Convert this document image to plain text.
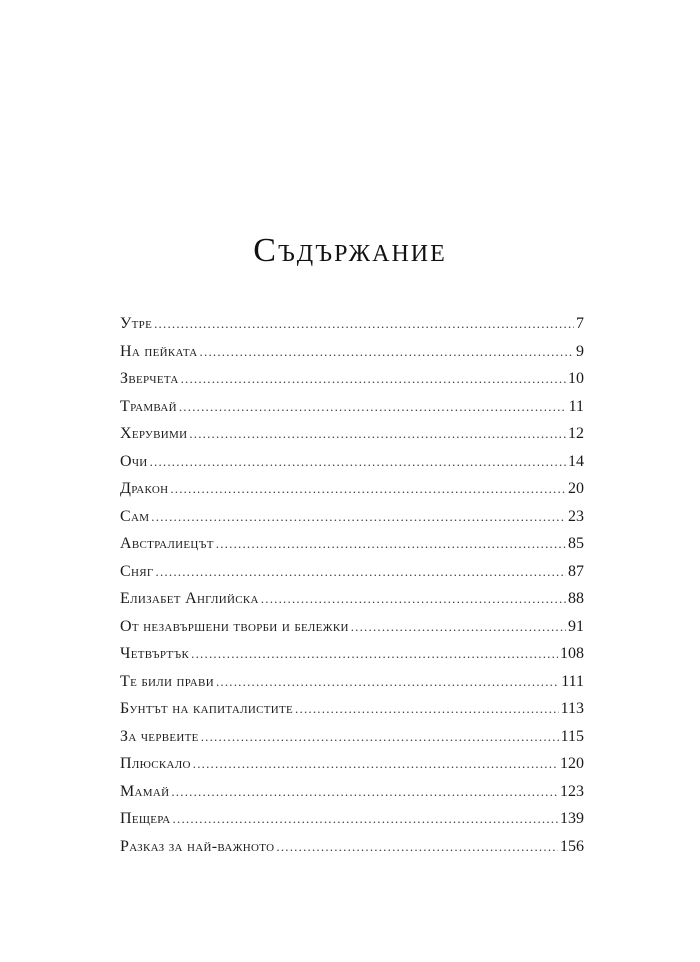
Съдържание
Утре .....	7
На пейката .....	9
Зверчета .....	10
Трамвай .....	11
Херувими .....	12
Очи .....	14
Дракон .....	20
Сам .....	23
Австралиецът .....	85
Сняг .....	87
Елизабет Английска .....	88
От незавършени творби и бележки .....	91
Четвъртък .....	108
Те били прави .....	111
Бунтът на капиталистите .....	113
За червеите .....	115
Плюскало .....	120
Мамай .....	123
Пещера .....	139
Разказ за най-важното .....	156
